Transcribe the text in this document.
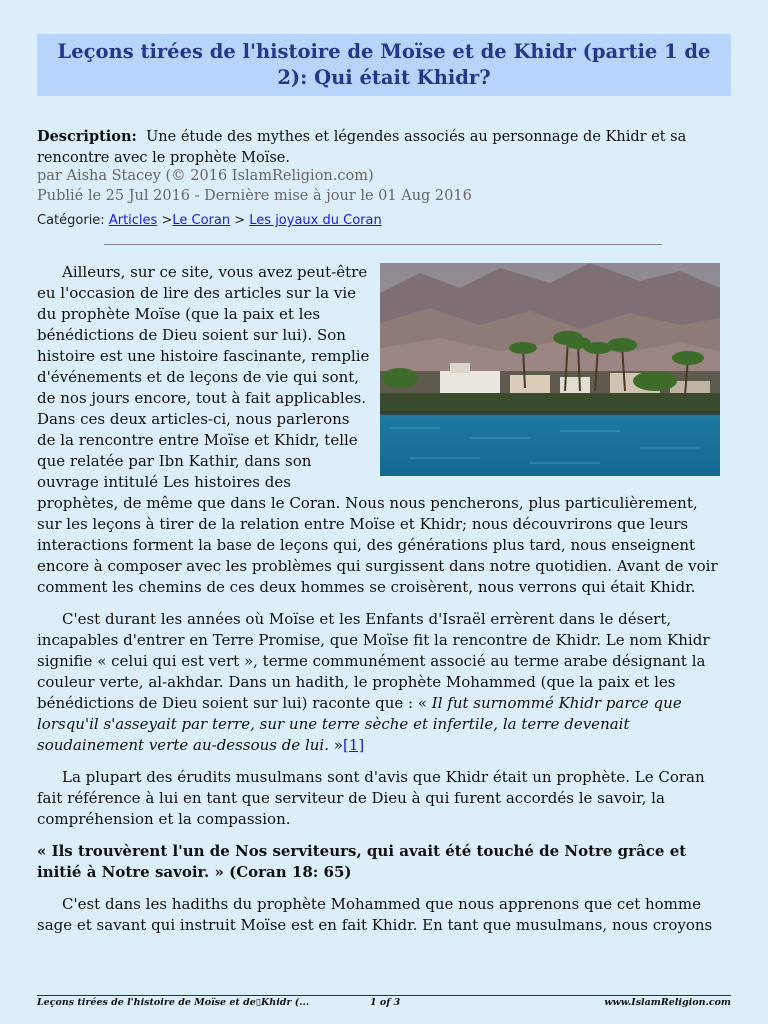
Leçons tirées de l'histoire de Moïse et de Khidr (partie 1 de 2): Qui était Khidr?
Description: Une étude des mythes et légendes associés au personnage de Khidr et sa rencontre avec le prophète Moïse.
par Aisha Stacey (© 2016 IslamReligion.com)
Publié le 25 Jul 2016 - Dernière mise à jour le 01 Aug 2016
Catégorie: Articles >Le Coran > Les joyaux du Coran

Ailleurs, sur ce site, vous avez peut-être eu l'occasion de lire des articles sur la vie du prophète Moïse (que la paix et les bénédictions de Dieu soient sur lui). Son histoire est une histoire fascinante, remplie d'événements et de leçons de vie qui sont, de nos jours encore, tout à fait applicables. Dans ces deux articles-ci, nous parlerons de la rencontre entre Moïse et Khidr, telle que relatée par Ibn Kathir, dans son ouvrage intitulé Les histoires des prophètes, de même que dans le Coran. Nous nous pencherons, plus particulièrement, sur les leçons à tirer de la relation entre Moïse et Khidr; nous découvrirons que leurs interactions forment la base de leçons qui, des générations plus tard, nous enseignent encore à composer avec les problèmes qui surgissent dans notre quotidien. Avant de voir comment les chemins de ces deux hommes se croisèrent, nous verrons qui était Khidr.

C'est durant les années où Moïse et les Enfants d'Israël errèrent dans le désert, incapables d'entrer en Terre Promise, que Moïse fit la rencontre de Khidr. Le nom Khidr signifie « celui qui est vert », terme communément associé au terme arabe désignant la couleur verte, al-akhdar. Dans un hadith, le prophète Mohammed (que la paix et les bénédictions de Dieu soient sur lui) raconte que : « Il fut surnommé Khidr parce que lorsqu'il s'asseyait par terre, sur une terre sèche et infertile, la terre devenait soudainement verte au-dessous de lui. »[1]

La plupart des érudits musulmans sont d'avis que Khidr était un prophète. Le Coran fait référence à lui en tant que serviteur de Dieu à qui furent accordés le savoir, la compréhension et la compassion.

« Ils trouvèrent l'un de Nos serviteurs, qui avait été touché de Notre grâce et initié à Notre savoir. » (Coran 18: 65)

C'est dans les hadiths du prophète Mohammed que nous apprenons que cet homme sage et savant qui instruit Moïse est en fait Khidr. En tant que musulmans, nous croyons

Leçons tirées de l'histoire de Moïse et de▯Khidr (...	1 of 3	www.IslamReligion.com
